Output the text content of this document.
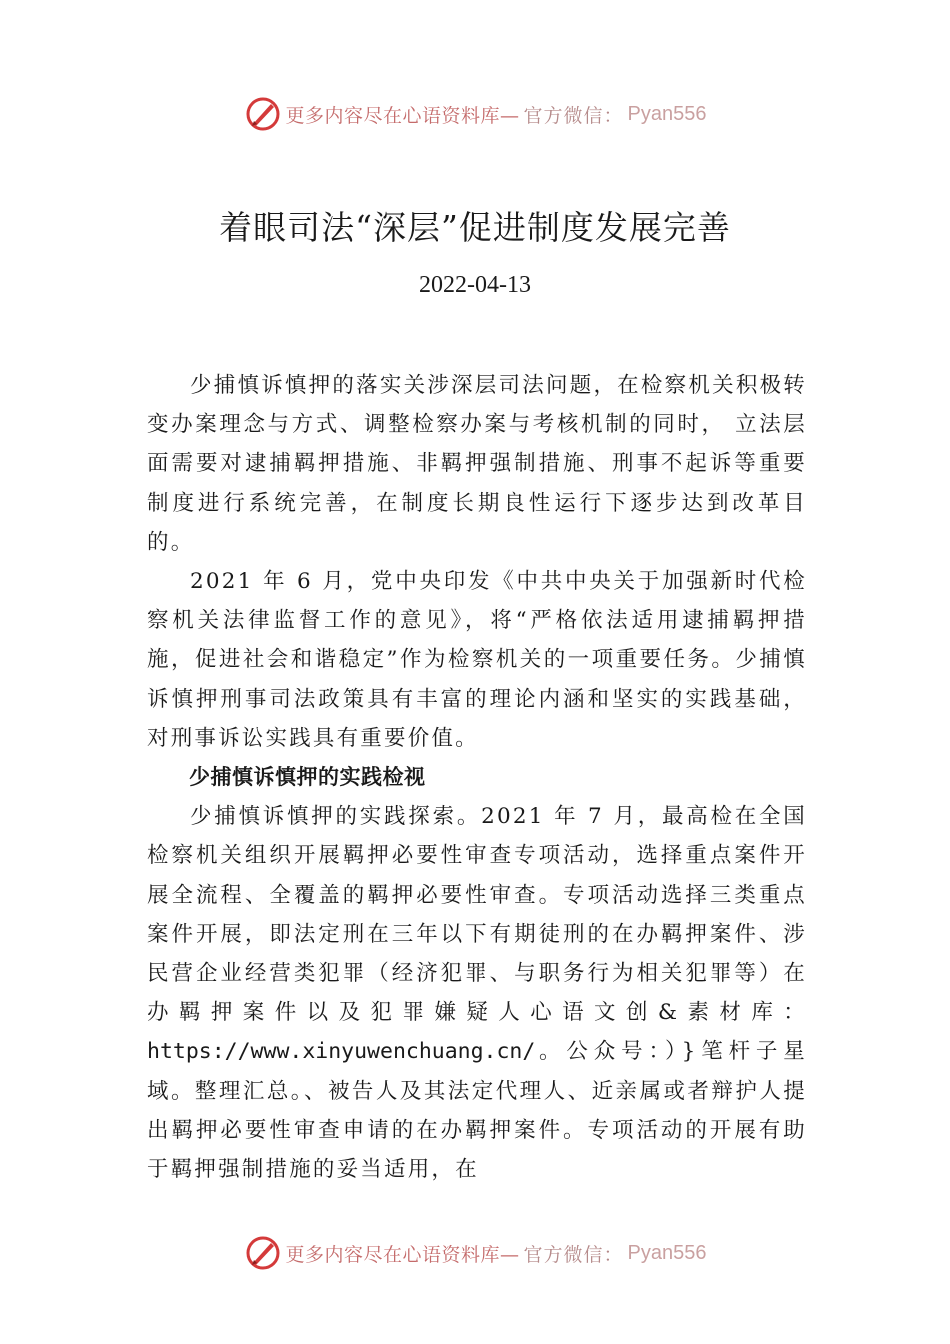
更多内容尽在心语资料库— 官方微信： Pyan556
着眼司法“深层”促进制度发展完善
2022-04-13

少捕慎诉慎押的落实关涉深层司法问题，在检察机关积极转变办案理念与方式、调整检察办案与考核机制的同时， 立法层面需要对逮捕羁押措施、非羁押强制措施、刑事不起诉等重要制度进行系统完善，在制度长期良性运行下逐步达到改革目的。

2021 年 6 月，党中央印发《中共中央关于加强新时代检察机关法律监督工作的意见》，将“严格依法适用逮捕羁押措施，促进社会和谐稳定”作为检察机关的一项重要任务。少捕慎诉慎押刑事司法政策具有丰富的理论内涵和坚实的实践基础，对刑事诉讼实践具有重要价值。

少捕慎诉慎押的实践检视

少捕慎诉慎押的实践探索。2021 年 7 月，最高检在全国检察机关组织开展羁押必要性审查专项活动，选择重点案件开展全流程、全覆盖的羁押必要性审查。专项活动选择三类重点案件开展，即法定刑在三年以下有期徒刑的在办羁押案件、涉民营企业经营类犯罪（经济犯罪、与职务行为相关犯罪等）在办羁押案件以及犯罪嫌疑人心语文创&素材库：https://www.xinyuwenchuang.cn/。公众号：）}笔杆子星域。整理汇总。、被告人及其法定代理人、近亲属或者辩护人提出羁押必要性审查申请的在办羁押案件。专项活动的开展有助于羁押强制措施的妥当适用，在

更多内容尽在心语资料库— 官方微信： Pyan556
